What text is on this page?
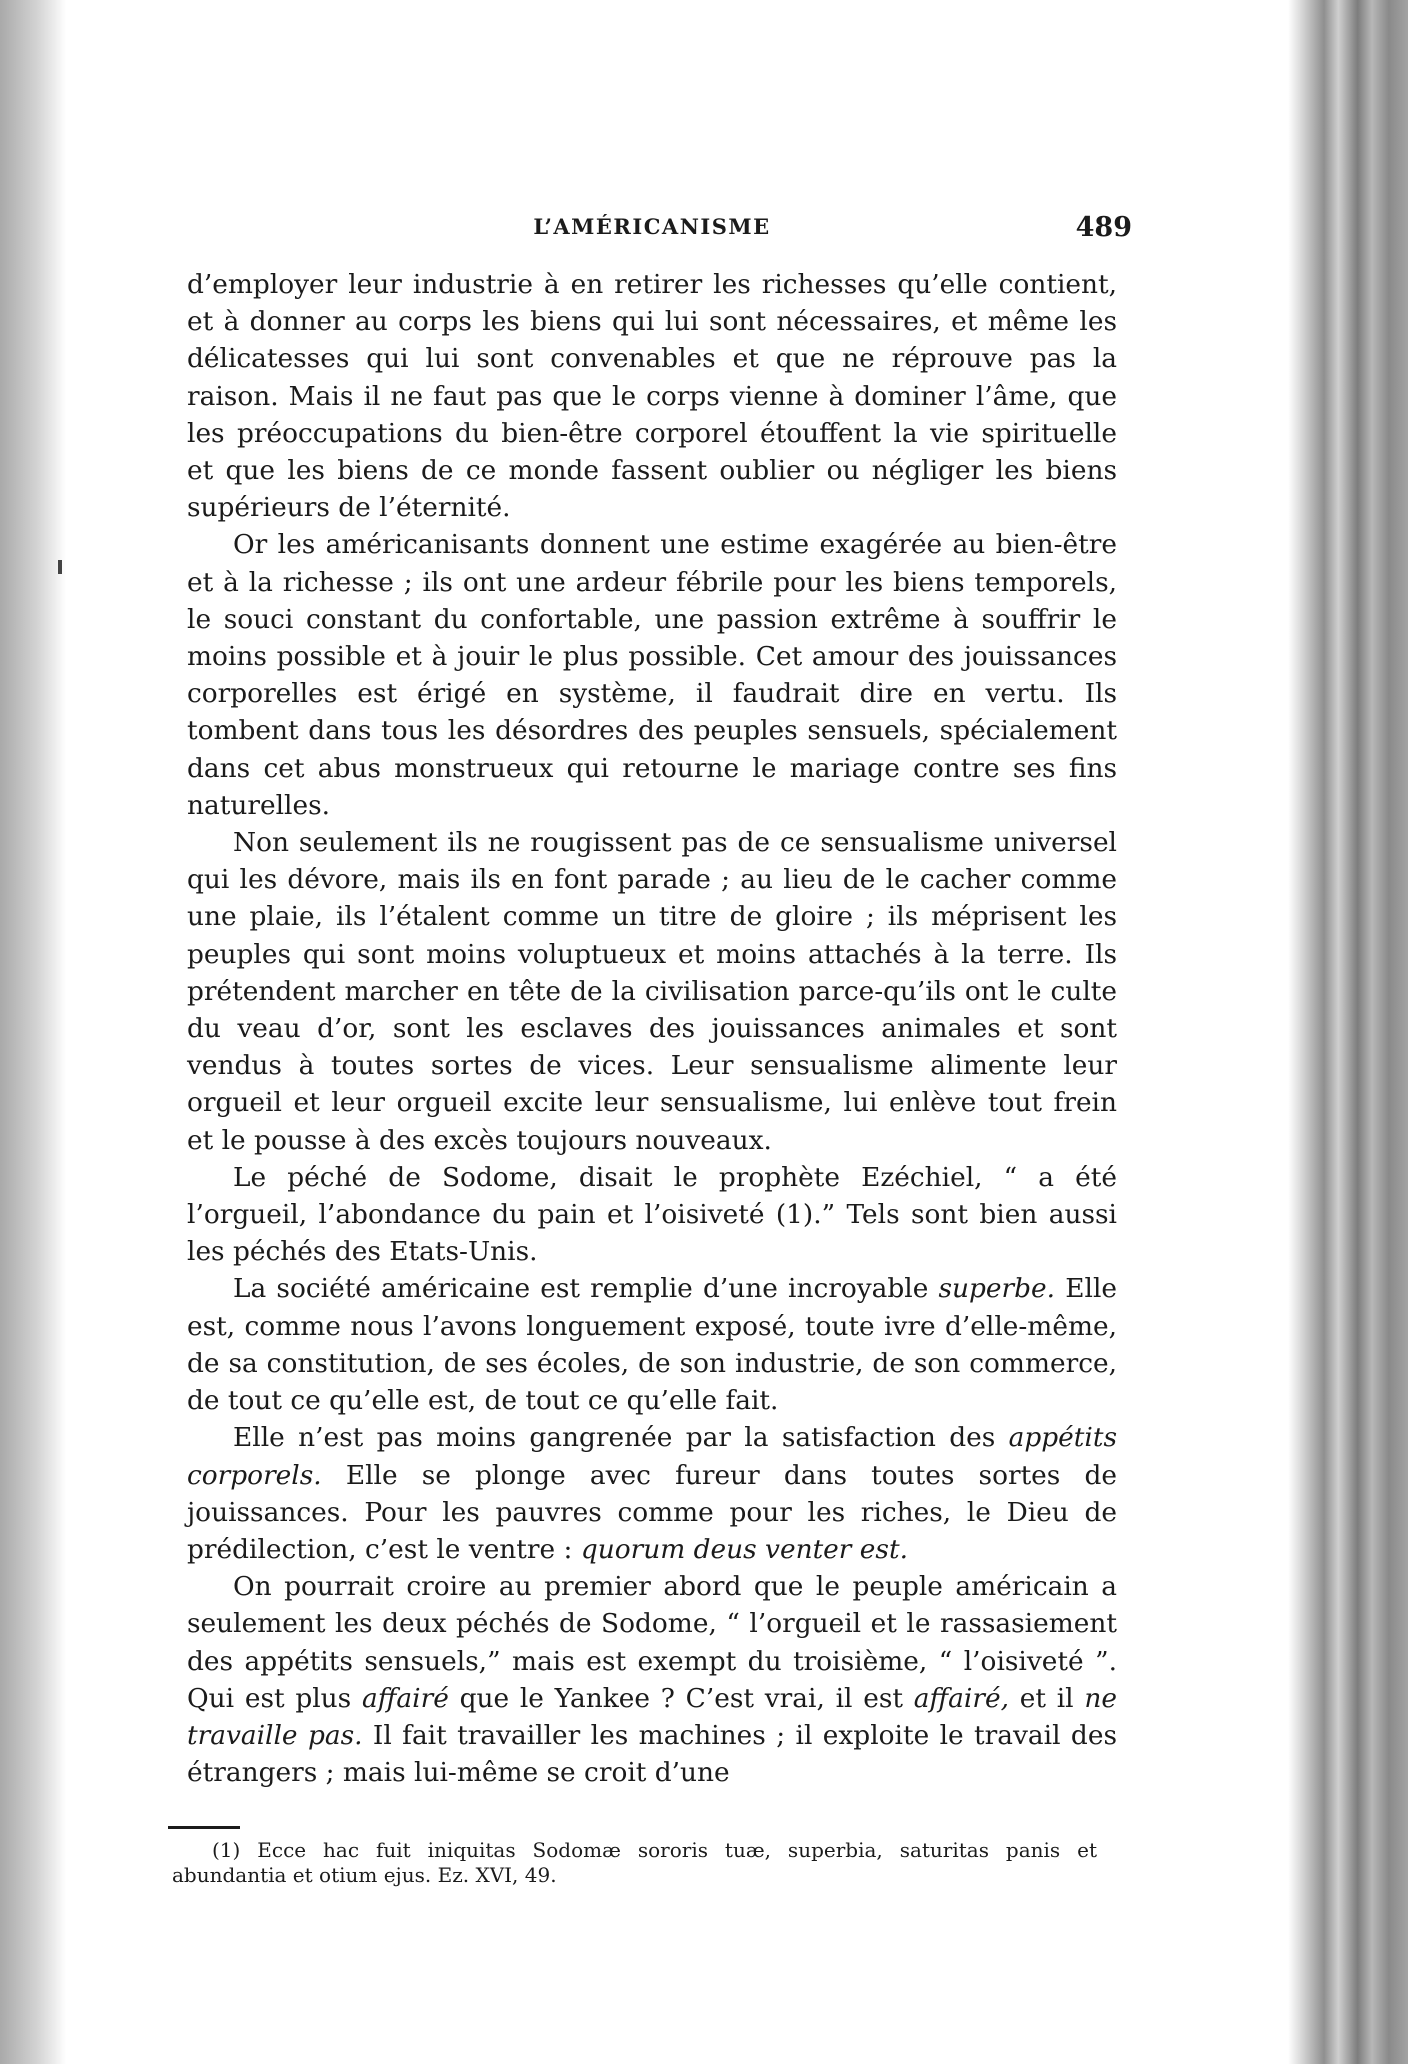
L’AMÉRICANISME	489

d’employer leur industrie à en retirer les richesses qu’elle contient, et à donner au corps les biens qui lui sont nécessaires, et même les délicatesses qui lui sont convenables et que ne réprouve pas la raison. Mais il ne faut pas que le corps vienne à dominer l’âme, que les préoccupations du bien-être corporel étouffent la vie spirituelle et que les biens de ce monde fassent oublier ou négliger les biens supérieurs de l’éternité.

Or les américanisants donnent une estime exagérée au bien-être et à la richesse ; ils ont une ardeur fébrile pour les biens temporels, le souci constant du confortable, une passion extrême à souffrir le moins possible et à jouir le plus possible. Cet amour des jouissances corporelles est érigé en système, il faudrait dire en vertu. Ils tombent dans tous les désordres des peuples sensuels, spécialement dans cet abus monstrueux qui retourne le mariage contre ses fins naturelles.

Non seulement ils ne rougissent pas de ce sensualisme universel qui les dévore, mais ils en font parade ; au lieu de le cacher comme une plaie, ils l’étalent comme un titre de gloire ; ils méprisent les peuples qui sont moins voluptueux et moins attachés à la terre. Ils prétendent marcher en tête de la civilisation parce-qu’ils ont le culte du veau d’or, sont les esclaves des jouissances animales et sont vendus à toutes sortes de vices. Leur sensualisme alimente leur orgueil et leur orgueil excite leur sensualisme, lui enlève tout frein et le pousse à des excès toujours nouveaux.

Le péché de Sodome, disait le prophète Ezéchiel, “ a été l’orgueil, l’abondance du pain et l’oisiveté (1).” Tels sont bien aussi les péchés des Etats-Unis.

La société américaine est remplie d’une incroyable superbe. Elle est, comme nous l’avons longuement exposé, toute ivre d’elle-même, de sa constitution, de ses écoles, de son industrie, de son commerce, de tout ce qu’elle est, de tout ce qu’elle fait.

Elle n’est pas moins gangrenée par la satisfaction des appétits corporels. Elle se plonge avec fureur dans toutes sortes de jouissances. Pour les pauvres comme pour les riches, le Dieu de prédilection, c’est le ventre : quorum deus venter est.

On pourrait croire au premier abord que le peuple américain a seulement les deux péchés de Sodome, “ l’orgueil et le rassasiement des appétits sensuels,” mais est exempt du troisième, “ l’oisiveté ”. Qui est plus affairé que le Yankee ? C’est vrai, il est affairé, et il ne travaille pas. Il fait travailler les machines ; il exploite le travail des étrangers ; mais lui-même se croit d’une

(1) Ecce hac fuit iniquitas Sodomæ sororis tuæ, superbia, saturitas panis et abundantia et otium ejus. Ez. XVI, 49.
